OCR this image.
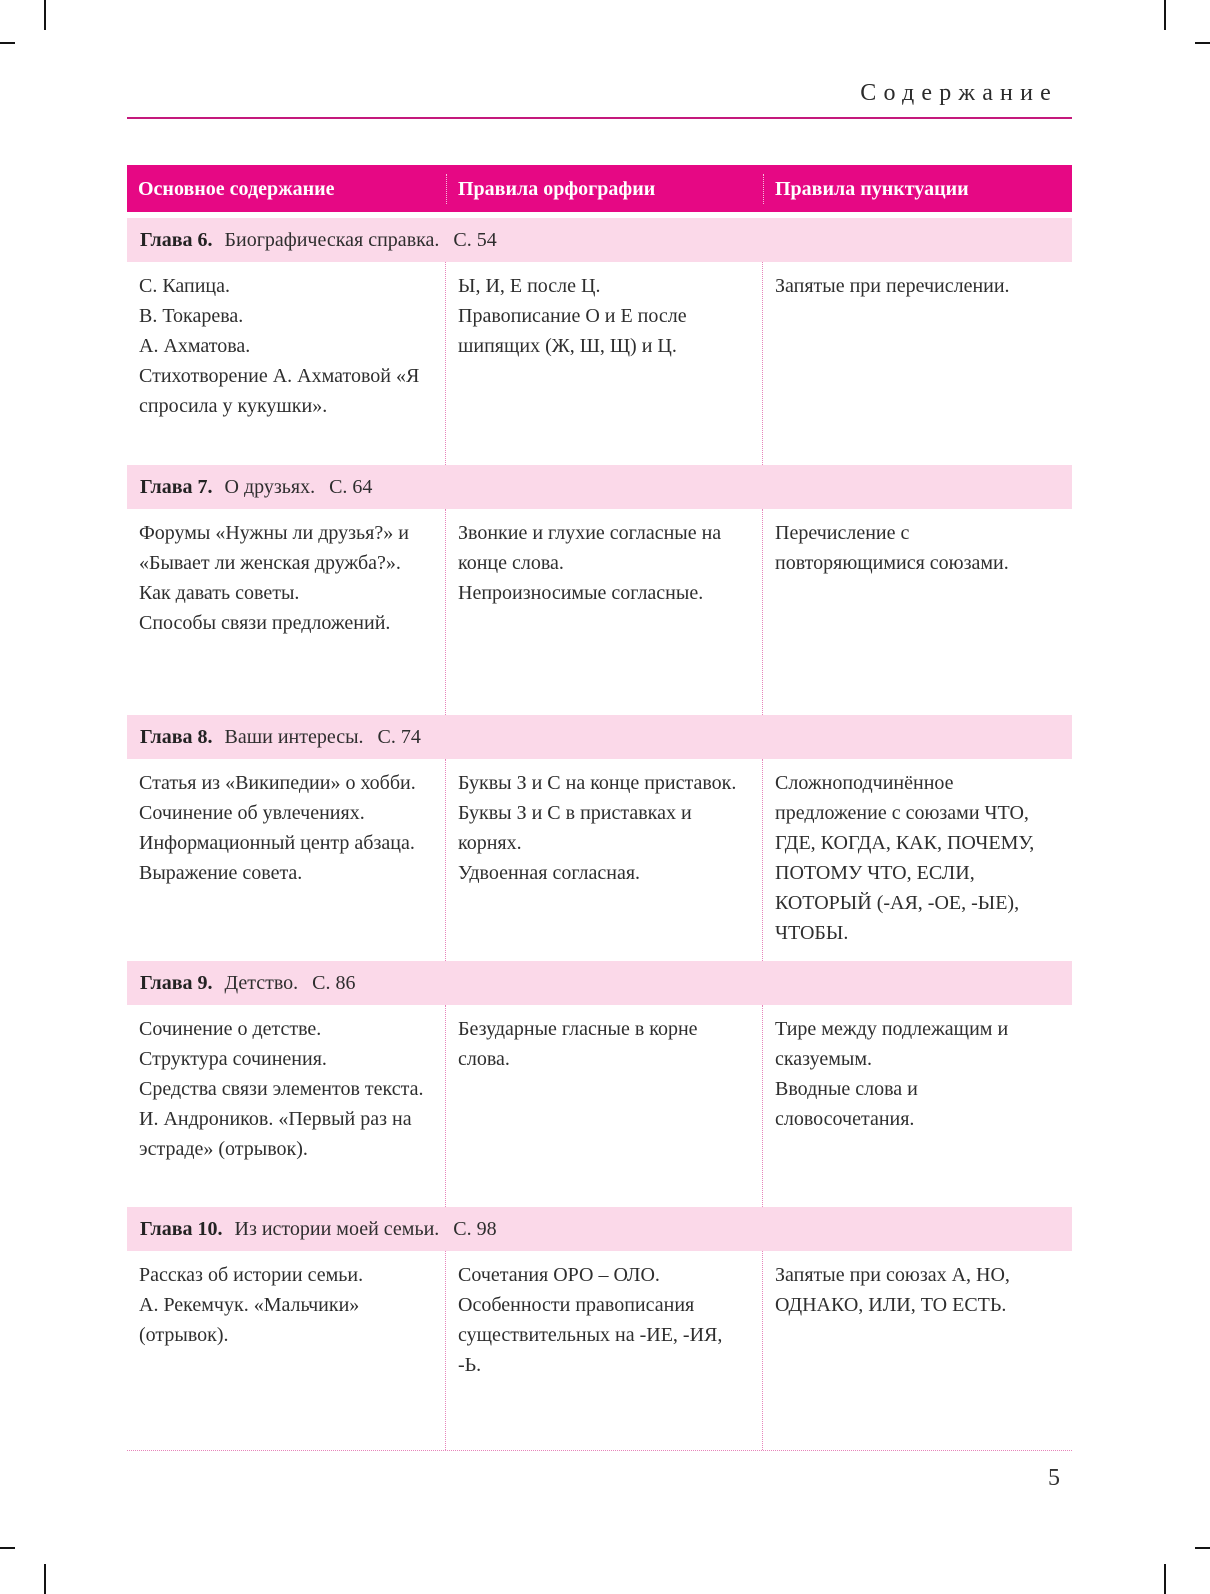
Содержание
Основное содержание	Правила орфографии	Правила пунктуации
Глава 6. Биографическая справка. С. 54
С. Капица.
В. Токарева.
А. Ахматова.
Стихотворение А. Ахматовой «Я спросила у кукушки».
Ы, И, Е после Ц.
Правописание О и Е после шипящих (Ж, Ш, Щ) и Ц.
Запятые при перечислении.
Глава 7. О друзьях. С. 64
Форумы «Нужны ли друзья?» и «Бывает ли женская дружба?».
Как давать советы.
Способы связи предложений.
Звонкие и глухие согласные на конце слова.
Непроизносимые согласные.
Перечисление с повторяющимися союзами.
Глава 8. Ваши интересы. С. 74
Статья из «Википедии» о хобби.
Сочинение об увлечениях.
Информационный центр абзаца.
Выражение совета.
Буквы З и С на конце приставок.
Буквы З и С в приставках и корнях.
Удвоенная согласная.
Сложноподчинённое предложение с союзами ЧТО, ГДЕ, КОГДА, КАК, ПОЧЕМУ, ПОТОМУ ЧТО, ЕСЛИ, КОТОРЫЙ (-АЯ, -ОЕ, -ЫЕ), ЧТОБЫ.
Глава 9. Детство. С. 86
Сочинение о детстве.
Структура сочинения.
Средства связи элементов текста.
И. Андроников. «Первый раз на эстраде» (отрывок).
Безударные гласные в корне слова.
Тире между подлежащим и сказуемым.
Вводные слова и словосочетания.
Глава 10. Из истории моей семьи. С. 98
Рассказ об истории семьи.
А. Рекемчук. «Мальчики» (отрывок).
Сочетания ОРО – ОЛО.
Особенности правописания существительных на -ИЕ, -ИЯ, -Ь.
Запятые при союзах А, НО, ОДНАКО, ИЛИ, ТО ЕСТЬ.
5
